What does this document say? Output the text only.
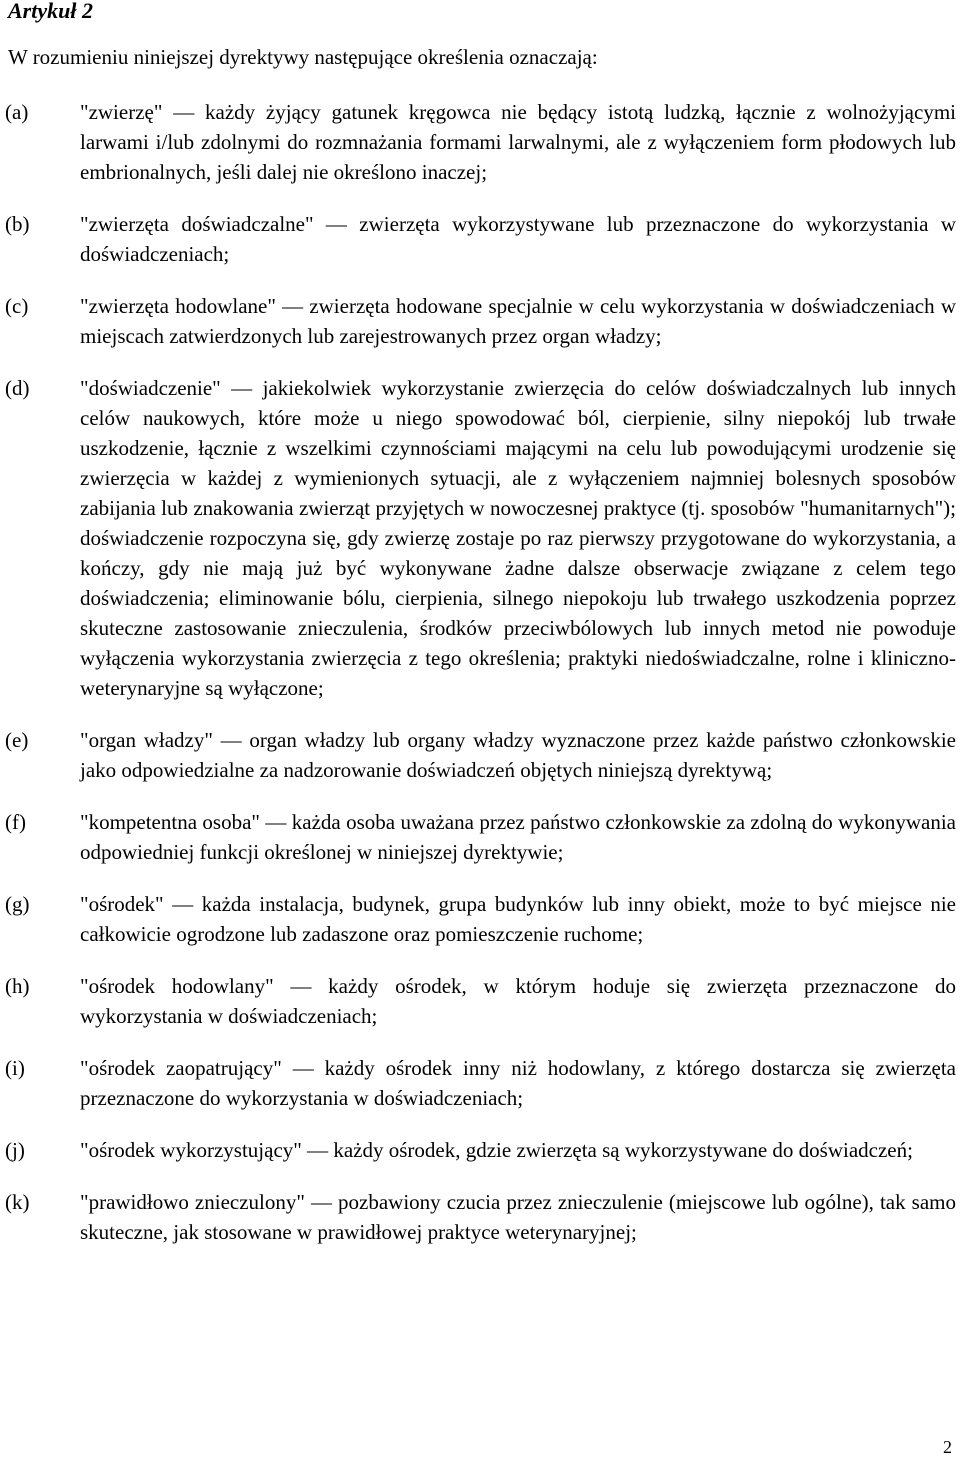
Artykuł 2

W rozumieniu niniejszej dyrektywy następujące określenia oznaczają:

(a) "zwierzę" — każdy żyjący gatunek kręgowca nie będący istotą ludzką, łącznie z wolnożyjącymi larwami i/lub zdolnymi do rozmnażania formami larwalnymi, ale z wyłączeniem form płodowych lub embrionalnych, jeśli dalej nie określono inaczej;
(b) "zwierzęta doświadczalne" — zwierzęta wykorzystywane lub przeznaczone do wykorzystania w doświadczeniach;
(c) "zwierzęta hodowlane" — zwierzęta hodowane specjalnie w celu wykorzystania w doświadczeniach w miejscach zatwierdzonych lub zarejestrowanych przez organ władzy;
(d) "doświadczenie" — jakiekolwiek wykorzystanie zwierzęcia do celów doświadczalnych lub innych celów naukowych, które może u niego spowodować ból, cierpienie, silny niepokój lub trwałe uszkodzenie, łącznie z wszelkimi czynnościami mającymi na celu lub powodującymi urodzenie się zwierzęcia w każdej z wymienionych sytuacji, ale z wyłączeniem najmniej bolesnych sposobów zabijania lub znakowania zwierząt przyjętych w nowoczesnej praktyce (tj. sposobów "humanitarnych"); doświadczenie rozpoczyna się, gdy zwierzę zostaje po raz pierwszy przygotowane do wykorzystania, a kończy, gdy nie mają już być wykonywane żadne dalsze obserwacje związane z celem tego doświadczenia; eliminowanie bólu, cierpienia, silnego niepokoju lub trwałego uszkodzenia poprzez skuteczne zastosowanie znieczulenia, środków przeciwbólowych lub innych metod nie powoduje wyłączenia wykorzystania zwierzęcia z tego określenia; praktyki niedoświadczalne, rolne i kliniczno-weterynaryjne są wyłączone;
(e) "organ władzy" — organ władzy lub organy władzy wyznaczone przez każde państwo członkowskie jako odpowiedzialne za nadzorowanie doświadczeń objętych niniejszą dyrektywą;
(f)	"kompetentna osoba" — każda osoba uważana przez państwo członkowskie za zdolną do wykonywania odpowiedniej funkcji określonej w niniejszej dyrektywie;
(g) "ośrodek" — każda instalacja, budynek, grupa budynków lub inny obiekt, może to być miejsce nie całkowicie ogrodzone lub zadaszone oraz pomieszczenie ruchome;
(h) "ośrodek hodowlany" — każdy ośrodek, w którym hoduje się zwierzęta przeznaczone do wykorzystania w doświadczeniach;
(i)	"ośrodek zaopatrujący" — każdy ośrodek inny niż hodowlany, z którego dostarcza się zwierzęta przeznaczone do wykorzystania w doświadczeniach;
(j)	"ośrodek wykorzystujący" — każdy ośrodek, gdzie zwierzęta są wykorzystywane do doświadczeń;
(k) "prawidłowo znieczulony" — pozbawiony czucia przez znieczulenie (miejscowe lub ogólne), tak samo skuteczne, jak stosowane w prawidłowej praktyce weterynaryjnej;
2
